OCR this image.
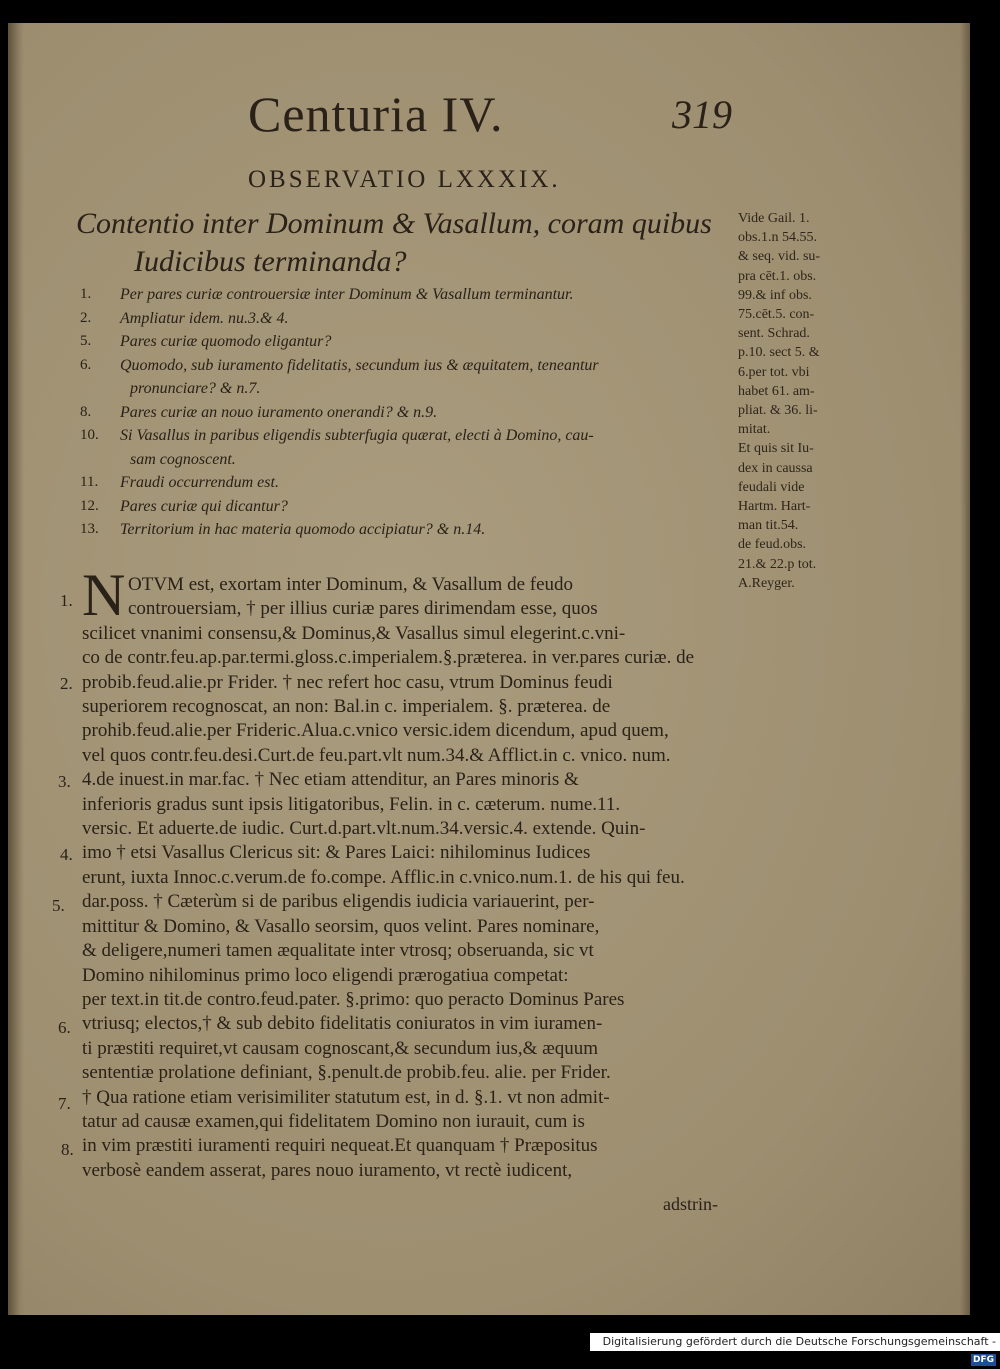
Centuria IV.	319
OBSERVATIO LXXXIX.
Contentio inter Dominum & Vasallum, coram quibus
Iudicibus terminanda?
Vide Gail. 1.
obs.1.n 54.55.
& seq. vid. su-
pra cēt.1. obs.
99.& inf obs.
75.cēt.5. con-
sent. Schrad.
p.10. sect 5. &
6.per tot. vbi
habet 61. am-
pliat. & 36. li-
mitat.
Et quis sit Iu-
dex in caussa
feudali vide
Hartm. Hart-
man tit.54.
de feud.obs.
21.& 22.p tot.
A.Reyger.
1.	Per pares curiæ controuersiæ inter Dominum & Vasallum terminantur.
2.	Ampliatur idem. nu.3.& 4.
5.	Pares curiæ quomodo eligantur?
6.	Quomodo, sub iuramento fidelitatis, secundum ius & æquitatem, teneantur
pronunciare? & n.7.
8.	Pares curiæ an nouo iuramento onerandi? & n.9.
10.	Si Vasallus in paribus eligendis subterfugia quærat, electi à Domino, cau-
sam cognoscent.
11.	Fraudi occurrendum est.
12.	Pares curiæ qui dicantur?
13.	Territorium in hac materia quomodo accipiatur? & n.14.
N OTVM est, exortam inter Dominum, & Vasallum de feudo
controuersiam, † per illius curiæ pares dirimendam esse, quos
scilicet vnanimi consensu,& Dominus,& Vasallus simul elegerint.c.vni-
co de contr.feu.ap.par.termi.gloss.c.imperialem.§.præterea. in ver.pares curiæ. de
probib.feud.alie.pr Frider. † nec refert hoc casu, vtrum Dominus feudi
superiorem recognoscat, an non: Bal.in c. imperialem. §. præterea. de
prohib.feud.alie.per Frideric.Alua.c.vnico versic.idem dicendum, apud quem,
vel quos contr.feu.desi.Curt.de feu.part.vlt num.34.& Afflict.in c. vnico. num.
4.de inuest.in mar.fac. † Nec etiam attenditur, an Pares minoris &
inferioris gradus sunt ipsis litigatoribus, Felin. in c. cæterum. nume.11.
versic. Et aduerte.de iudic. Curt.d.part.vlt.num.34.versic.4. extende. Quin-
imo † etsi Vasallus Clericus sit: & Pares Laici: nihilominus Iudices
erunt, iuxta Innoc.c.verum.de fo.compe. Afflic.in c.vnico.num.1. de his qui feu.
dar.poss. † Cæterùm si de paribus eligendis iudicia variauerint, per-
mittitur & Domino, & Vasallo seorsim, quos velint. Pares nominare,
& deligere,numeri tamen æqualitate inter vtrosq; obseruanda, sic vt
Domino nihilominus primo loco eligendi prærogatiua competat:
per text.in tit.de contro.feud.pater. §.primo: quo peracto Dominus Pares
vtriusq; electos,† & sub debito fidelitatis coniuratos in vim iuramen-
ti præstiti requiret,vt causam cognoscant,& secundum ius,& æquum
sententiæ prolatione definiant, §.penult.de probib.feu. alie. per Frider.
† Qua ratione etiam verisimiliter statutum est, in d. §.1. vt non admit-
tatur ad causæ examen,qui fidelitatem Domino non iurauit, cum is
in vim præstiti iuramenti requiri nequeat.Et quanquam † Præpositus
verbosè eandem asserat, pares nouo iuramento, vt rectè iudicent,
adstrin-
1.
2.
3.
4.
5.
6.
7.
8.
Digitalisierung gefördert durch die Deutsche Forschungsgemeinschaft -DFG
